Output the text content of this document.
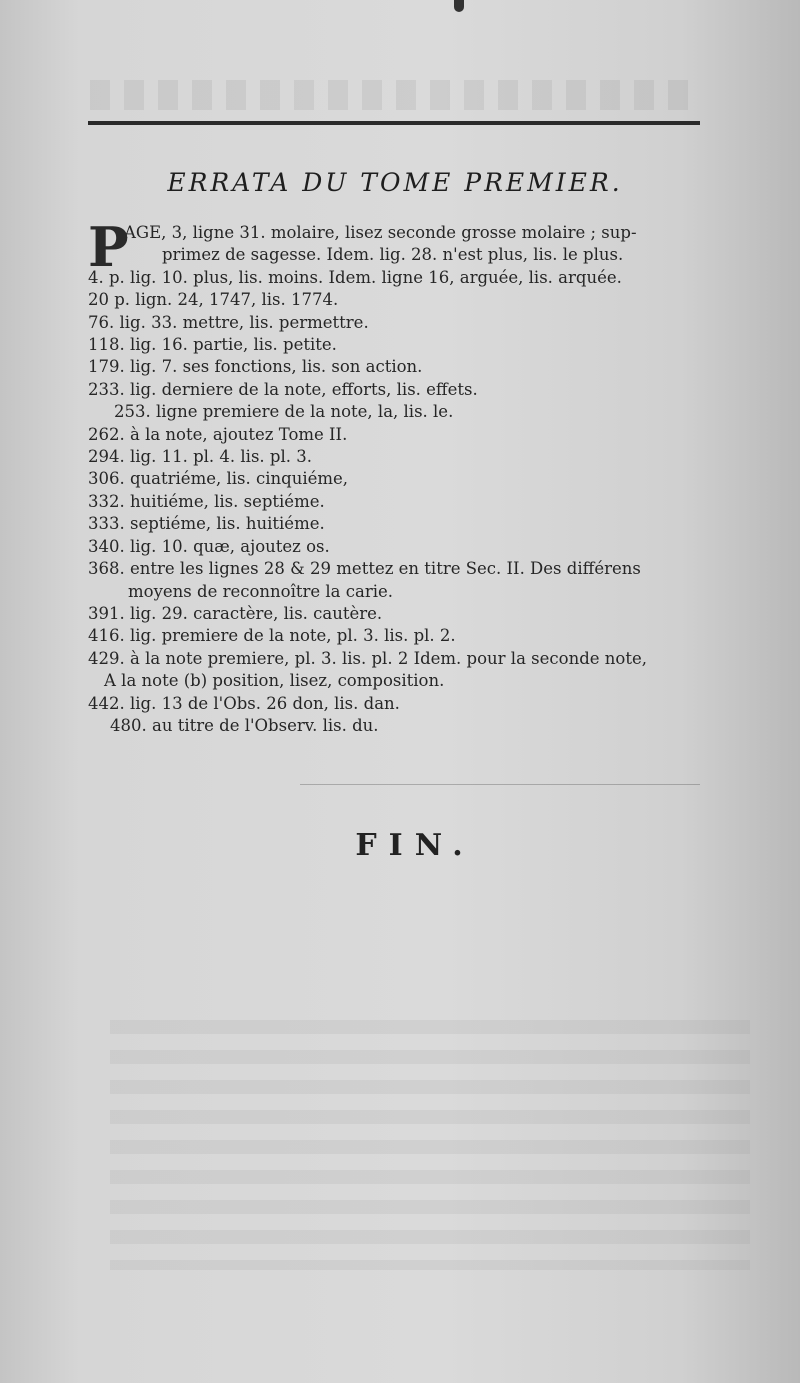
ERRATA DU TOME PREMIER.
P
AGE, 3, ligne 31. molaire, lisez seconde grosse molaire ; sup-
primez de sagesse. Idem. lig. 28. n'est plus, lis. le plus.
4. p. lig. 10. plus, lis. moins. Idem. ligne 16, arguée, lis. arquée.
20 p. lign. 24, 1747, lis. 1774.
76. lig. 33. mettre, lis. permettre.
118. lig. 16. partie, lis. petite.
179. lig. 7. ses fonctions, lis. son action.
233. lig. derniere de la note, efforts, lis. effets.
253. ligne premiere de la note, la, lis. le.
262. à la note, ajoutez Tome II.
294. lig. 11. pl. 4. lis. pl. 3.
306. quatriéme, lis. cinquiéme,
332. huitiéme, lis. septiéme.
333. septiéme, lis. huitiéme.
340. lig. 10. quæ, ajoutez os.
368. entre les lignes 28 & 29 mettez en titre Sec. II. Des différens
moyens de reconnoître la carie.
391. lig. 29. caractère, lis. cautère.
416. lig. premiere de la note, pl. 3. lis. pl. 2.
429. à la note premiere, pl. 3. lis. pl. 2 Idem. pour la seconde note,
A la note (b) position, lisez, composition.
442. lig. 13 de l'Obs. 26 don, lis. dan.
480. au titre de l'Observ. lis. du.
FIN.
